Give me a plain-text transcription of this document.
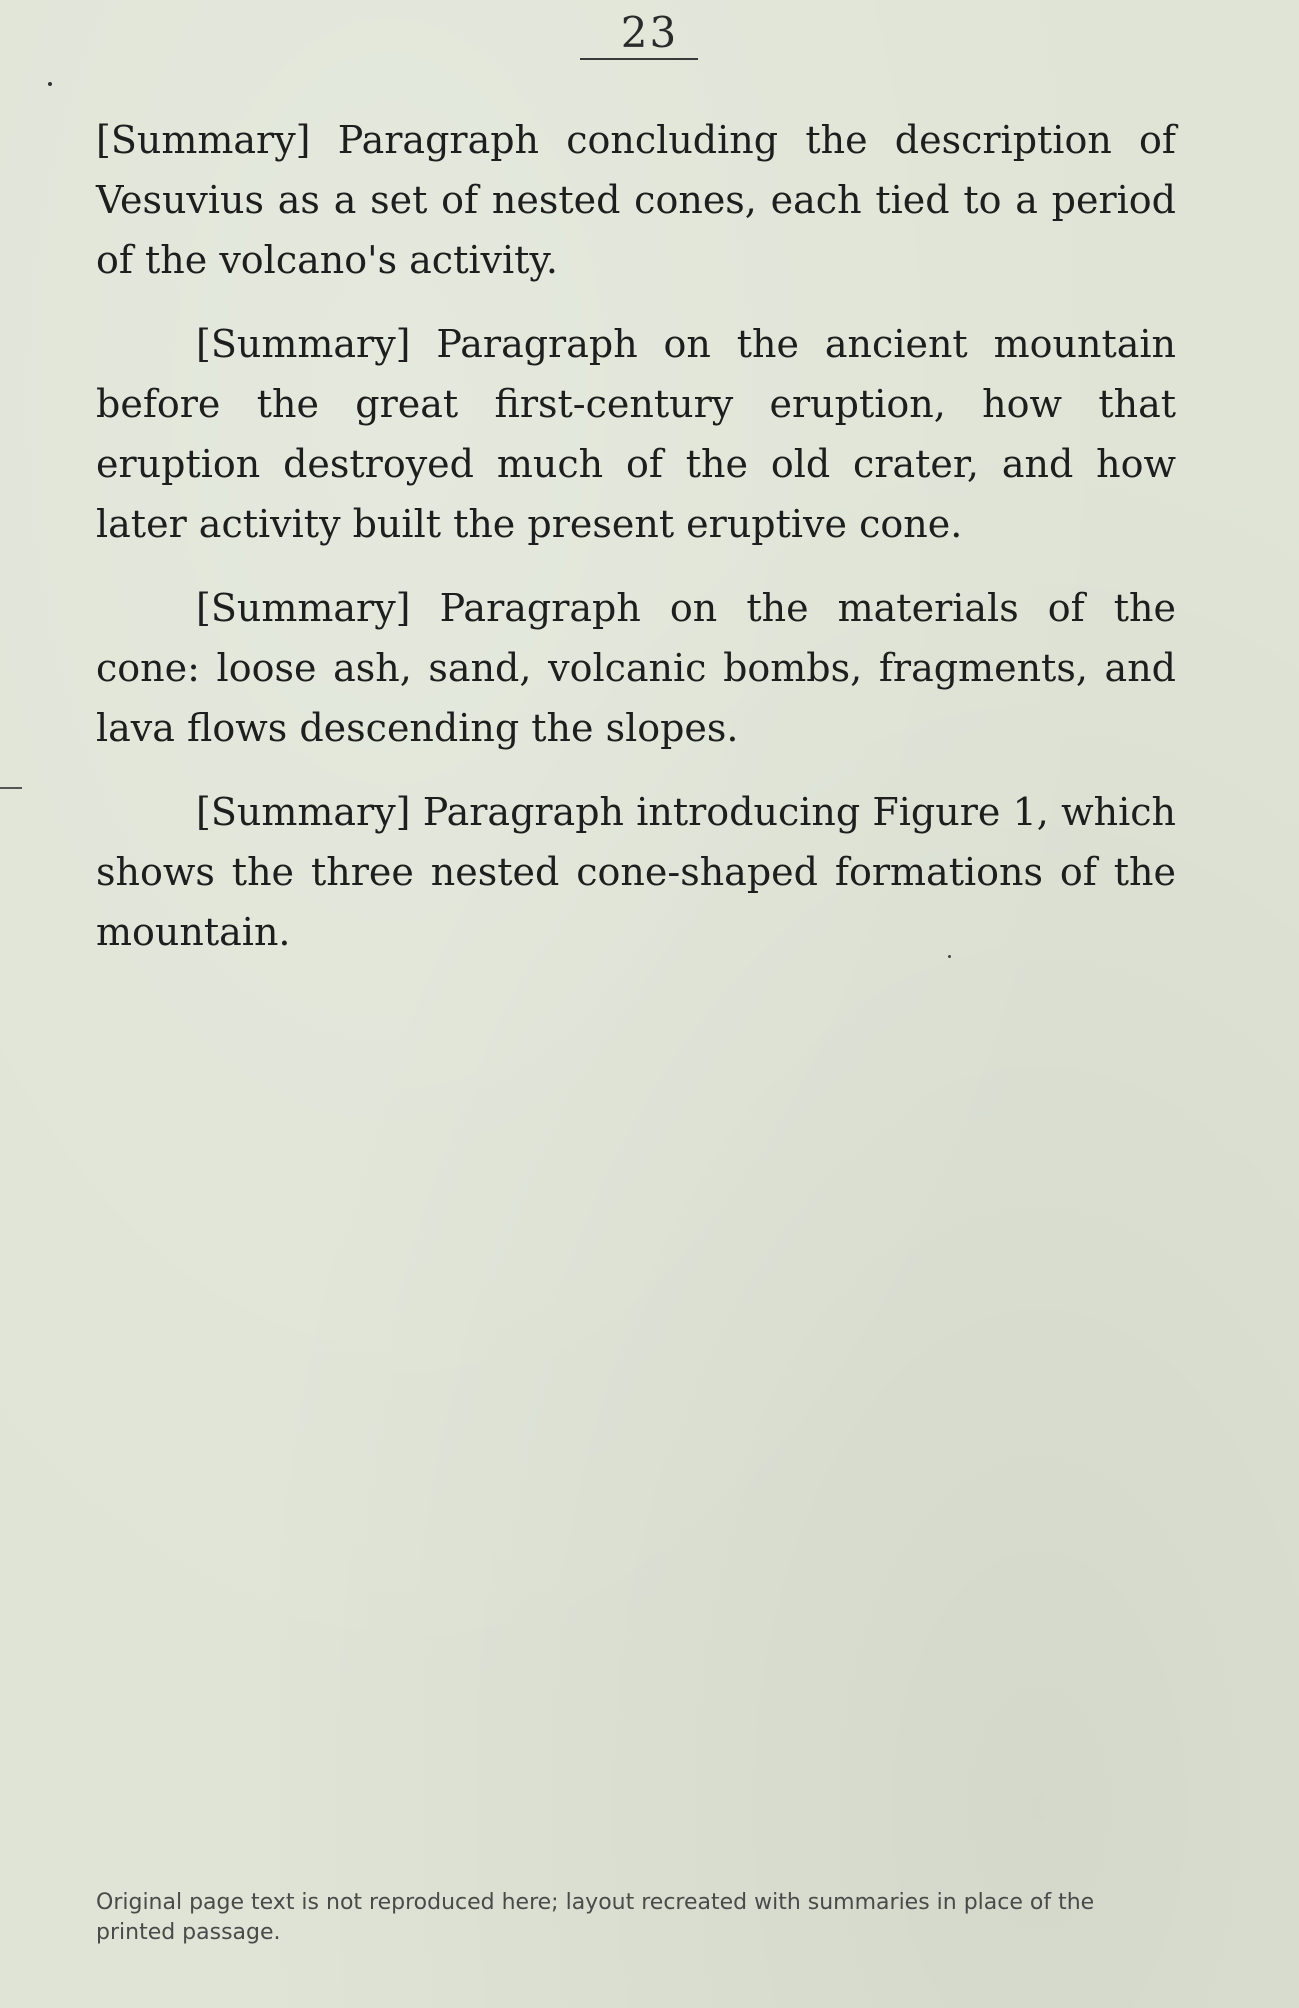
23

[Summary] Paragraph concluding the description of Vesuvius as a set of nested cones, each tied to a period of the volcano's activity.

[Summary] Paragraph on the ancient mountain before the great first-century eruption, how that eruption destroyed much of the old crater, and how later activity built the present eruptive cone.

[Summary] Paragraph on the materials of the cone: loose ash, sand, volcanic bombs, fragments, and lava flows descending the slopes.

[Summary] Paragraph introducing Figure 1, which shows the three nested cone-shaped formations of the mountain.

Original page text is not reproduced here; layout recreated with summaries in place of the printed passage.
